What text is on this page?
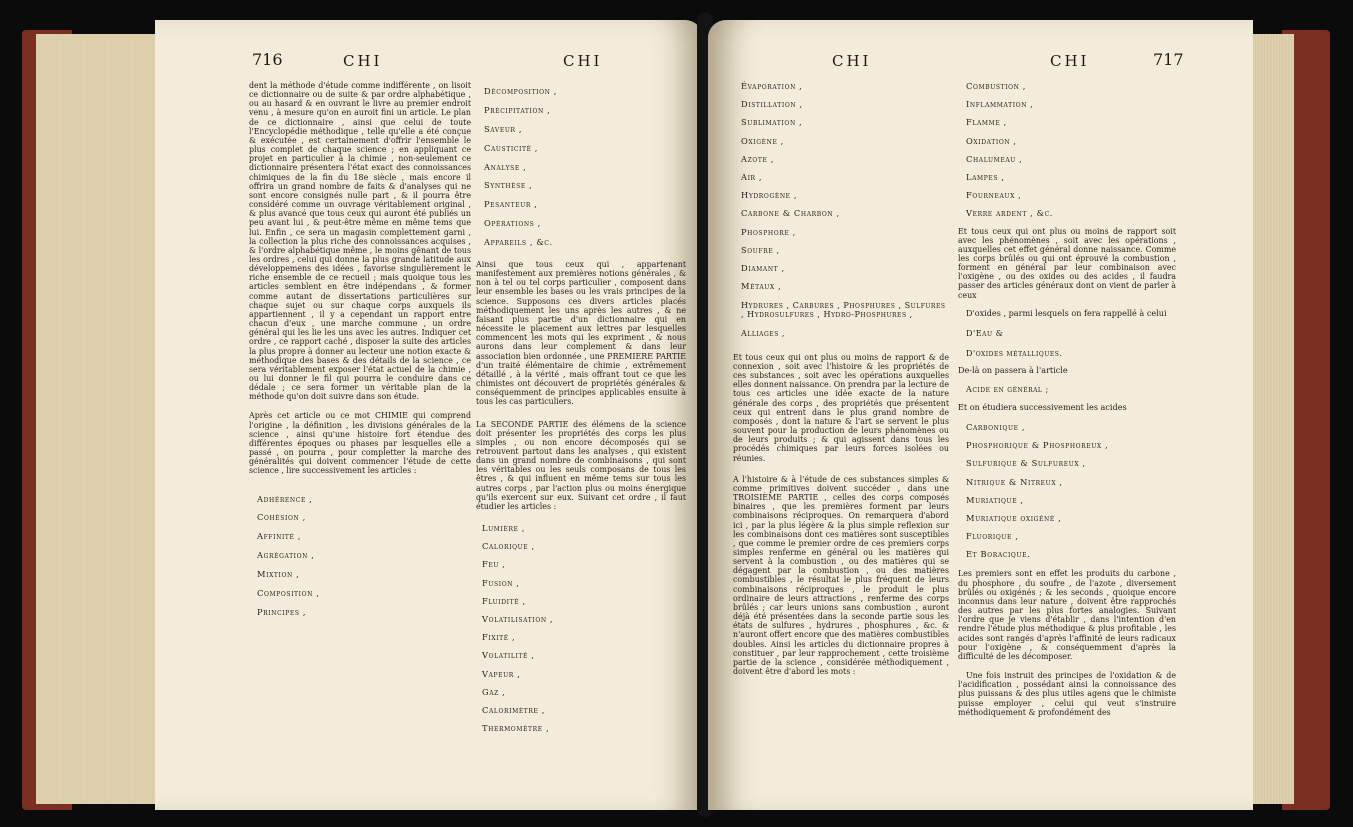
716	CHI	CHI

dent la méthode d'étude comme indifférente , on lisoit ce dictionnaire ou de suite & par ordre alphabétique , ou au hasard & en ouvrant le livre au premier endroit venu , à mesure qu'on en auroit fini un article. Le plan de ce dictionnaire , ainsi que celui de toute l'Encyclopédie méthodique , telle qu'elle a été conçue & exécutée , est certainement d'offrir l'ensemble le plus complet de chaque science ; en appliquant ce projet en particulier à la chimie , non-seulement ce dictionnaire présentera l'état exact des connoissances chimiques de la fin du 18e siècle , mais encore il offrira un grand nombre de faits & d'analyses qui ne sont encore consignés nulle part , & il pourra être considéré comme un ouvrage véritablement original , & plus avancé que tous ceux qui auront été publiés un peu avant lui , & peut-être même en même tems que lui. Enfin , ce sera un magasin complettement garni , la collection la plus riche des connoissances acquises , & l'ordre alphabétique même , le moins gênant de tous les ordres , celui qui donne la plus grande latitude aux développemens des idées , favorise singulièrement le riche ensemble de ce recueil ; mais quoique tous les articles semblent en être indépendans , & former comme autant de dissertations particulières sur chaque sujet ou sur chaque corps auxquels ils appartiennent , il y a cependant un rapport entre chacun d'eux , une marche commune , un ordre général qui les lie les uns avec les autres. Indiquer cet ordre , ce rapport caché , disposer la suite des articles la plus propre à donner au lecteur une notion exacte & méthodique des bases & des détails de la science , ce sera véritablement exposer l'état actuel de la chimie , ou lui donner le fil qui pourra le conduire dans ce dédale ; ce sera former un véritable plan de la méthode qu'on doit suivre dans son étude.

Après cet article ou ce mot CHIMIE qui comprend l'origine , la définition , les divisions générales de la science , ainsi qu'une histoire fort étendue des différentes époques ou phases par lesquelles elle a passé , on pourra , pour completter la marche des généralités qui doivent commencer l'étude de cette science , lire successivement les articles :

Adhérence ,
Cohésion ,
Affinité ,
Agrégation ,
Mixtion ,
Composition ,
Principes ,
Décomposition ,
Précipitation ,
Saveur ,
Causticité ,
Analyse ,
Synthèse ,
Pesanteur ,
Opérations ,
Appareils , &c.

Ainsi que tous ceux qui , appartenant manifestement aux premières notions générales , & non à tel ou tel corps particulier , composent dans leur ensemble les bases ou les vrais principes de la science. Supposons ces divers articles placés méthodiquement les uns après les autres , & ne faisant plus partie d'un dictionnaire qui en nécessite le placement aux lettres par lesquelles commencent les mots qui les expriment , & nous aurons dans leur complement & dans leur association bien ordonnée , une PREMIERE PARTIE d'un traité élémentaire de chimie , extrêmement détaillé , à la vérité , mais offrant tout ce que les chimistes ont découvert de propriétés générales & conséquemment de principes applicables ensuite à tous les cas particuliers.

La SECONDE PARTIE des élémens de la science doit présenter les propriétés des corps les plus simples , ou non encore décomposés qui se retrouvent partout dans les analyses , qui existent dans un grand nombre de combinaisons , qui sont les véritables ou les seuls composans de tous les êtres , & qui influent en même tems sur tous les autres corps , par l'action plus ou moins énergique qu'ils exercent sur eux. Suivant cet ordre , il faut étudier les articles :

Lumière ,
Calorique ,
Feu ,
Fusion ,
Fluidité ,
Volatilisation ,
Fixité ,
Volatilité ,
Vapeur ,
Gaz ,
Calorimètre ,
Thermomètre ,
CHI	CHI	717
Évaporation ,
Distillation ,
Sublimation ,
Oxigène ,
Azote ,
Air ,
Hydrogène ,
Carbone & Charbon ,
Phosphore ,
Soufre ,
Diamant ,
Métaux ,

Hydrures , Carbures , Phosphures , Sulfures , Hydrosulfures , Hydro-Phosphures ,

Alliages ,

Et tous ceux qui ont plus ou moins de rapport & de connexion , soit avec l'histoire & les propriétés de ces substances , soit avec les opérations auxquelles elles donnent naissance. On prendra par la lecture de tous ces articles une idée exacte de la nature générale des corps , des propriétés que présentent ceux qui entrent dans le plus grand nombre de composés , dont la nature & l'art se servent le plus souvent pour la production de leurs phénomènes ou de leurs produits ; & qui agissent dans tous les procédés chimiques par leurs forces isolées ou réunies.

A l'histoire & à l'étude de ces substances simples & comme primitives doivent succéder , dans une TROISIÈME PARTIE , celles des corps composés binaires , que les premières forment par leurs combinaisons réciproques. On remarquera d'abord ici , par la plus légère & la plus simple reflexion sur les combinaisons dont ces matières sont susceptibles , que comme le premier ordre de ces premiers corps simples renferme en général ou les matières qui servent à la combustion , ou des matières qui se dégagent par la combustion , ou des matières combustibles , le résultat le plus fréquent de leurs combinaisons réciproques , le produit le plus ordinaire de leurs attractions , renferme des corps brûlés ; car leurs unions sans combustion , auront déjà été présentées dans la seconde partie sous les états de sulfures , hydrures , phosphures , &c. & n'auront offert encore que des matières combustibles doubles. Ainsi les articles du dictionnaire propres à constituer , par leur rapprochement , cette troisième partie de la science , considérée méthodiquement , doivent être d'abord les mots :

Combustion ,
Inflammation ,
Flamme ,
Oxidation ,
Chalumeau ,
Lampes ,
Fourneaux ,
Verre ardent , &c.

Et tous ceux qui ont plus ou moins de rapport soit avec les phénomènes , soit avec les opérations , auxquelles cet effet général donne naissance. Comme les corps brûlés ou qui ont éprouvé la combustion , forment en général par leur combinaison avec l'oxigène , ou des oxides ou des acides , il faudra passer des articles généraux dont on vient de parler à ceux

D'oxides , parmi lesquels on fera rappellé à celui

D'Eau &

D'oxides métalliques.

De-là on passera à l'article

Acide en général ;

Et on étudiera successivement les acides

Carbonique ,
Phosphorique & Phosphoreux ,
Sulfurique & Sulfureux ,
Nitrique & Nitreux ,
Muriatique ,
Muriatique oxigéné ,
Fluorique ,
Et Boracique.

Les premiers sont en effet les produits du carbone , du phosphore , du soufre , de l'azote , diversement brûlés ou oxigénés ; & les seconds , quoique encore inconnus dans leur nature , doivent être rapprochés des autres par les plus fortes analogies. Suivant l'ordre que je viens d'établir , dans l'intention d'en rendre l'étude plus méthodique & plus profitable , les acides sont rangés d'après l'affinité de leurs radicaux pour l'oxigène , & conséquemment d'après la difficulté de les décomposer.

Une fois instruit des principes de l'oxidation & de l'acidification , possédant ainsi la connoissance des plus puissans & des plus utiles agens que le chimiste puisse employer , celui qui veut s'instruire méthodiquement & profondément des
